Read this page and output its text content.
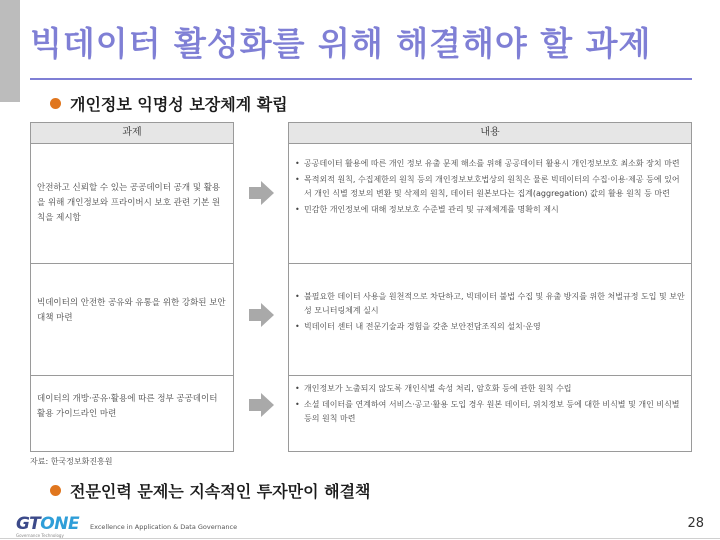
빅데이터 활성화를 위해 해결해야 할 과제
개인정보 익명성 보장체계 확립
과제
안전하고 신뢰할 수 있는 공공데이터 공개 및 활용을 위해 개인정보와 프라이버시 보호 관련 기본 원칙을 제시함
빅데이터의 안전한 공유와 유통을 위한 강화된 보안대책 마련
데이터의 개방·공유·활용에 따른 정부 공공데이터 활용 가이드라인 마련
내용
• 공공데이터 활용에 따른 개인 정보 유출 문제 해소를 위해 공공데이터 활용시 개인정보보호 최소화 장치 마련
• 목적외적 원칙, 수집제한의 원칙 등의 개인정보보호법상의 원칙은 물론 빅데이터의 수집·이용·제공 등에 있어서 개인 식별 정보의 변환 및 삭제의 원칙, 데이터 원본보다는 집계(aggregation) 값의 활용 원칙 등 마련
• 민감한 개인정보에 대해 정보보호 수준별 관리 및 규제체계를 명확히 제시
• 불필요한 데이터 사용을 원천적으로 차단하고, 빅데이터 불법 수집 및 유출 방지를 위한 처벌규정 도입 및 보안성 모니터링체계 실시
• 빅데이터 센터 내 전문기술과 경험을 갖춘 보안전담조직의 설치·운영
• 개인정보가 노출되지 않도록 개인식별 속성 처리, 암호화 등에 관한 원칙 수립
• 소셜 데이터를 연계하여 서비스·공고·활용 도입 경우 원본 데이터, 위치정보 등에 대한 비식별 및 개인 비식별 등의 원칙 마련
자료: 한국정보화진흥원
전문인력 문제는 지속적인 투자만이 해결책
GTONE
Governance Technology
Excellence in Application & Data Governance	28
